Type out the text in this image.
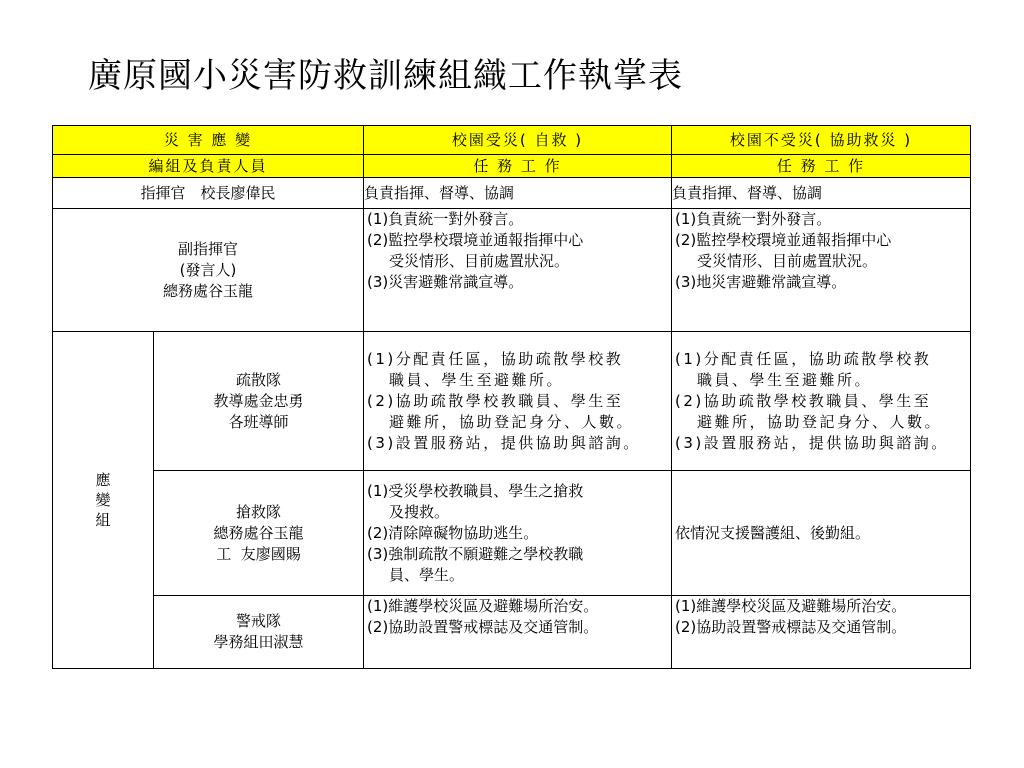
廣原國小災害防救訓練組織工作執掌表
災 害 應 變		校園受災( 自救 )	校園不受災( 協助救災 )
編組及負責人員		任 務 工 作	任 務 工 作
指揮官　校長廖偉民		負責指揮、督導、協調	負責指揮、督導、協調

副指揮官
(發言人)
總務處谷玉龍		(1)負責統一對外發言。
(2)監控學校環境並通報指揮中心
受災情形、目前處置狀況。
(3)災害避難常識宣導。	(1)負責統一對外發言。
(2)監控學校環境並通報指揮中心
受災情形、目前處置狀況。
(3)地災害避難常識宣導。

應
變
組	疏散隊
教導處金忠勇
各班導師	(1)分配責任區，協助疏散學校教
職員、學生至避難所。
(2)協助疏散學校教職員、學生至
避難所，協助登記身分、人數。
(3)設置服務站，提供協助與諮詢。	(1)分配責任區，協助疏散學校教
職員、學生至避難所。
(2)協助疏散學校教職員、學生至
避難所，協助登記身分、人數。
(3)設置服務站，提供協助與諮詢。

	搶救隊
總務處谷玉龍
工  友廖國賜	(1)受災學校教職員、學生之搶救
及搜救。
(2)清除障礙物協助逃生。
(3)強制疏散不願避難之學校教職
員、學生。	依情況支援醫護組、後勤組。

	警戒隊
學務組田淑慧	(1)維護學校災區及避難場所治安。
(2)協助設置警戒標誌及交通管制。	(1)維護學校災區及避難場所治安。
(2)協助設置警戒標誌及交通管制。
